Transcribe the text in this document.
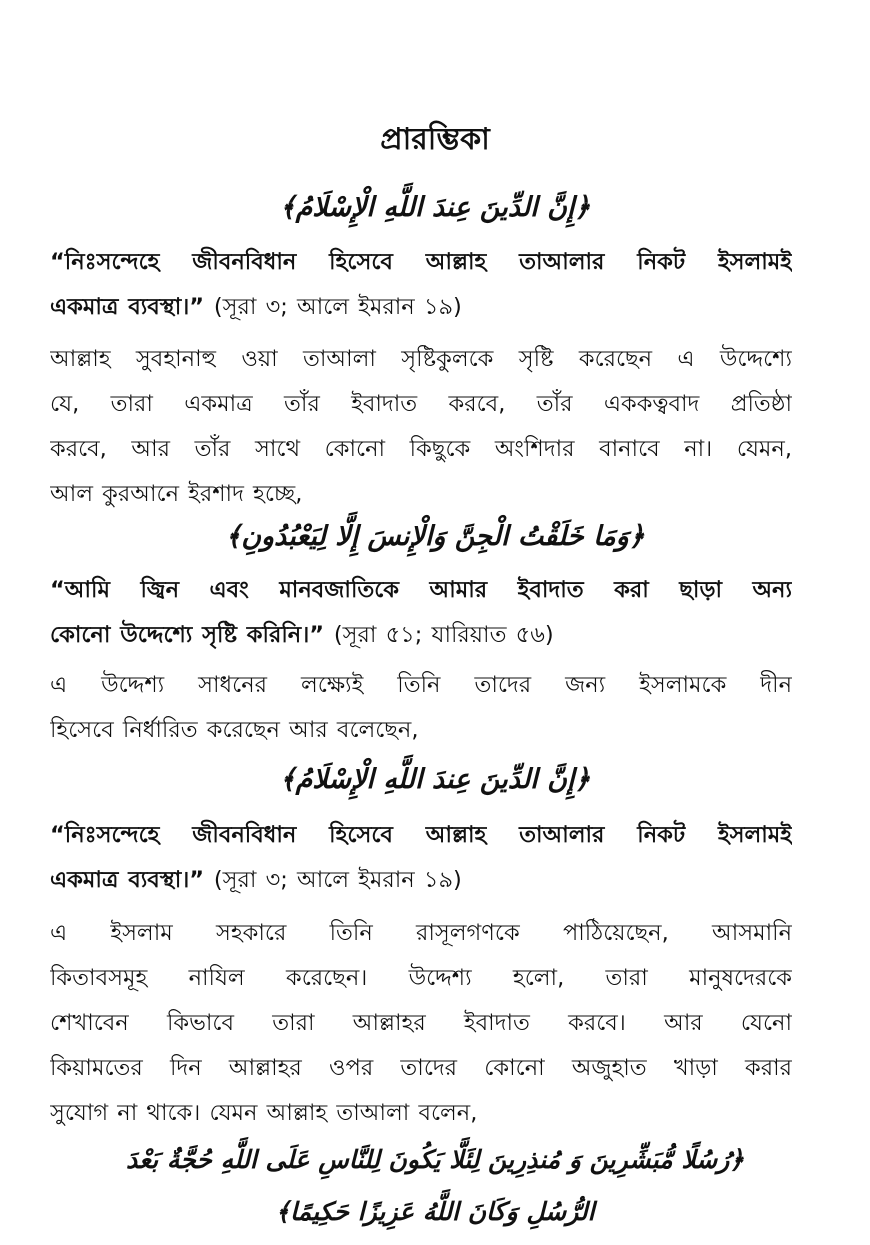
প্রারম্ভিকা
﴿إِنَّ الدِّينَ عِندَ اللَّهِ الْإِسْلَامُ﴾
“নিঃসন্দেহে জীবনবিধান হিসেবে আল্লাহ তাআলার নিকট ইসলামই
একমাত্র ব্যবস্থা।” (সূরা ৩; আলে ইমরান ১৯)
আল্লাহ সুবহানাহু ওয়া তাআলা সৃষ্টিকুলকে সৃষ্টি করেছেন এ উদ্দেশ্যে
যে, তারা একমাত্র তাঁর ইবাদাত করবে, তাঁর এককত্ববাদ প্রতিষ্ঠা
করবে, আর তাঁর সাথে কোনো কিছুকে অংশিদার বানাবে না। যেমন,
আল কুরআনে ইরশাদ হচ্ছে,
﴿وَمَا خَلَقْتُ الْجِنَّ وَالْإِنسَ إِلَّا لِيَعْبُدُونِ﴾
“আমি জ্বিন এবং মানবজাতিকে আমার ইবাদাত করা ছাড়া অন্য
কোনো উদ্দেশ্যে সৃষ্টি করিনি।” (সূরা ৫১; যারিয়াত ৫৬)
এ উদ্দেশ্য সাধনের লক্ষ্যেই তিনি তাদের জন্য ইসলামকে দীন
হিসেবে নির্ধারিত করেছেন আর বলেছেন,
﴿إِنَّ الدِّينَ عِندَ اللَّهِ الْإِسْلَامُ﴾
“নিঃসন্দেহে জীবনবিধান হিসেবে আল্লাহ তাআলার নিকট ইসলামই
একমাত্র ব্যবস্থা।” (সূরা ৩; আলে ইমরান ১৯)
এ ইসলাম সহকারে তিনি রাসূলগণকে পাঠিয়েছেন, আসমানি
কিতাবসমূহ নাযিল করেছেন। উদ্দেশ্য হলো, তারা মানুষদেরকে
শেখাবেন কিভাবে তারা আল্লাহর ইবাদাত করবে। আর যেনো
কিয়ামতের দিন আল্লাহর ওপর তাদের কোনো অজুহাত খাড়া করার
সুযোগ না থাকে। যেমন আল্লাহ তাআলা বলেন,
﴿رُسُلًا مُّبَشِّرِينَ وَ مُنذِرِينَ لِئَلَّا يَكُونَ لِلنَّاسِ عَلَى اللَّهِ حُجَّةٌ بَعْدَ
الرُّسُلِ وَكَانَ اللَّهُ عَزِيزًا حَكِيمًا﴾
